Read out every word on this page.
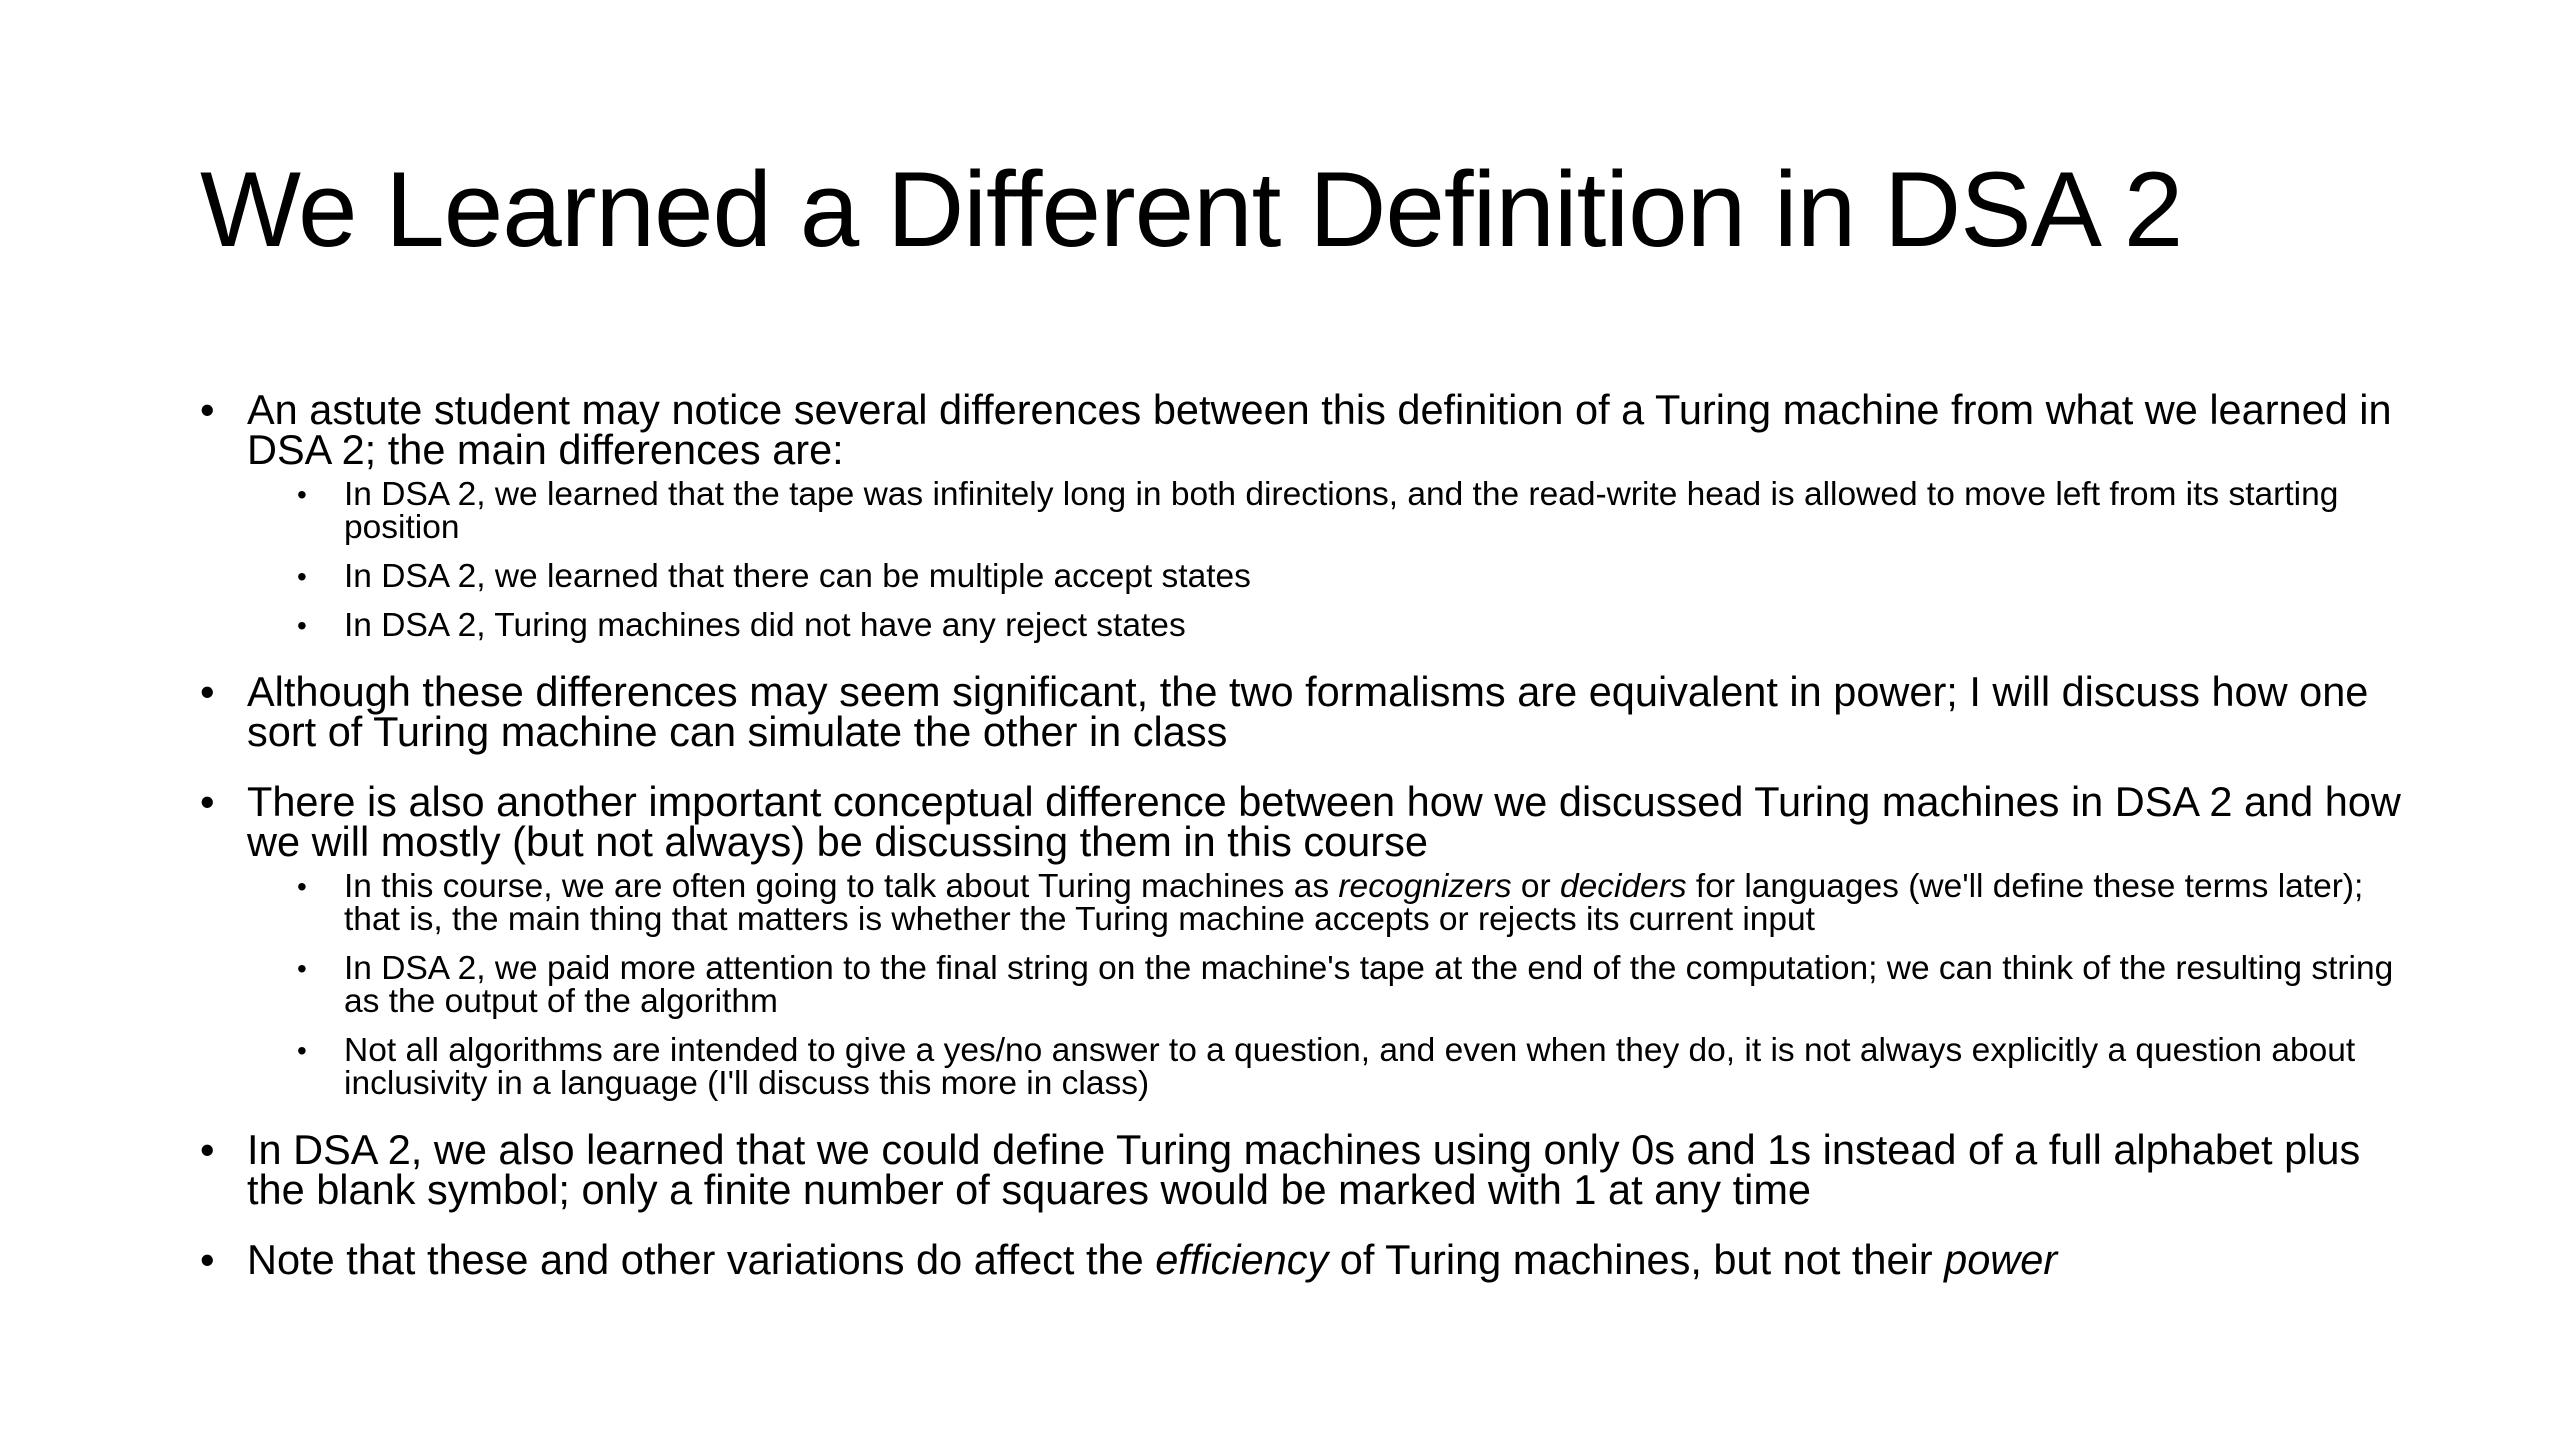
We Learned a Different Definition in DSA 2
• An astute student may notice several differences between this definition of a Turing machine from what we learned in DSA 2; the main differences are:
• In DSA 2, we learned that the tape was infinitely long in both directions, and the read-write head is allowed to move left from its starting position
• In DSA 2, we learned that there can be multiple accept states
• In DSA 2, Turing machines did not have any reject states
• Although these differences may seem significant, the two formalisms are equivalent in power; I will discuss how one sort of Turing machine can simulate the other in class
• There is also another important conceptual difference between how we discussed Turing machines in DSA 2 and how we will mostly (but not always) be discussing them in this course
• In this course, we are often going to talk about Turing machines as recognizers or deciders for languages (we'll define these terms later); that is, the main thing that matters is whether the Turing machine accepts or rejects its current input
• In DSA 2, we paid more attention to the final string on the machine's tape at the end of the computation; we can think of the resulting string as the output of the algorithm
• Not all algorithms are intended to give a yes/no answer to a question, and even when they do, it is not always explicitly a question about inclusivity in a language (I'll discuss this more in class)
• In DSA 2, we also learned that we could define Turing machines using only 0s and 1s instead of a full alphabet plus the blank symbol; only a finite number of squares would be marked with 1 at any time
• Note that these and other variations do affect the efficiency of Turing machines, but not their power
